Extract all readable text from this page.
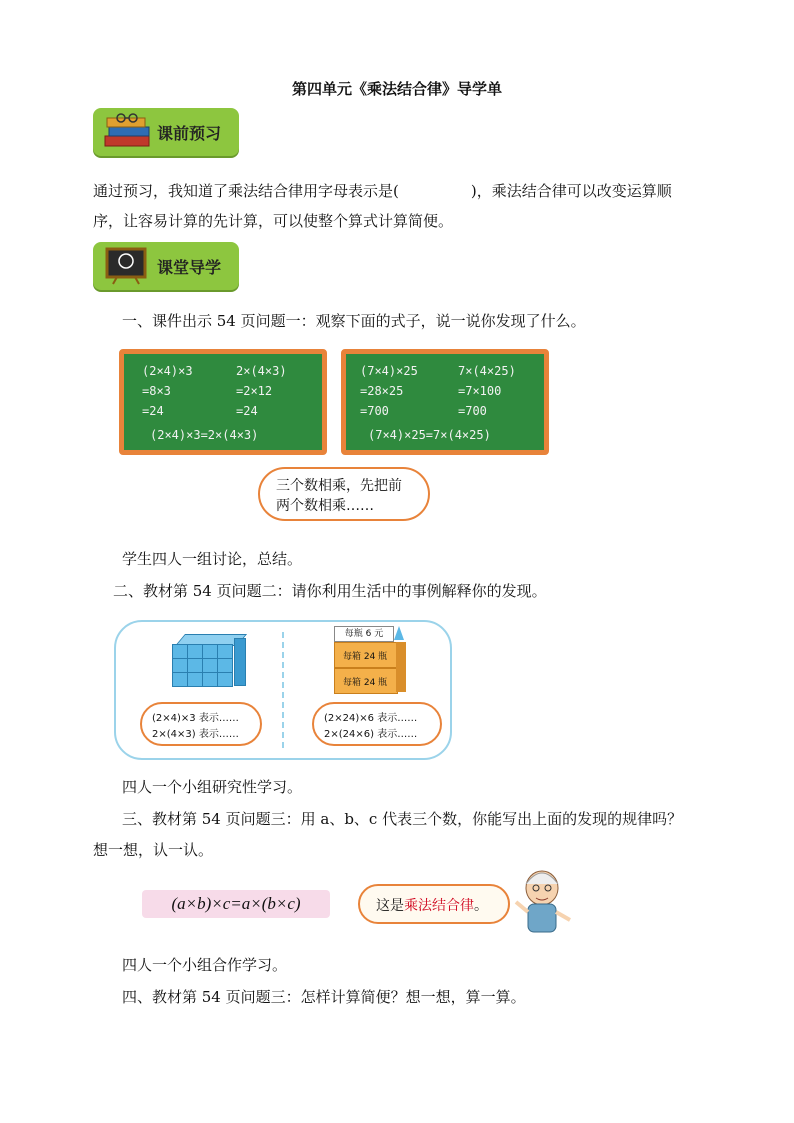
第四单元《乘法结合律》导学单
课前预习
通过预习，我知道了乘法结合律用字母表示是(	)，乘法结合律可以改变运算顺
序，让容易计算的先计算，可以使整个算式计算简便。
课堂导学
一、课件出示 54 页问题一：观察下面的式子，说一说你发现了什么。
(2×4)×3
=8×3
=24
2×(4×3)
=2×12
=24
(2×4)×3=2×(4×3)
(7×4)×25
=28×25
=700
7×(4×25)
=7×100
=700
(7×4)×25=7×(4×25)
三个数相乘，先把前
两个数相乘……
学生四人一组讨论，总结。
二、教材第 54 页问题二：请你利用生活中的事例解释你的发现。
(2×4)×3 表示……
2×(4×3) 表示……
每瓶 6 元
每箱 24 瓶
每箱 24 瓶
(2×24)×6 表示……
2×(24×6) 表示……
四人一个小组研究性学习。
三、教材第 54 页问题三：用 a、b、c 代表三个数，你能写出上面的发现的规律吗？
想一想，认一认。
(a×b)×c=a×(b×c)	这是乘法结合律。
四人一个小组合作学习。
四、教材第 54 页问题三：怎样计算简便？想一想，算一算。
